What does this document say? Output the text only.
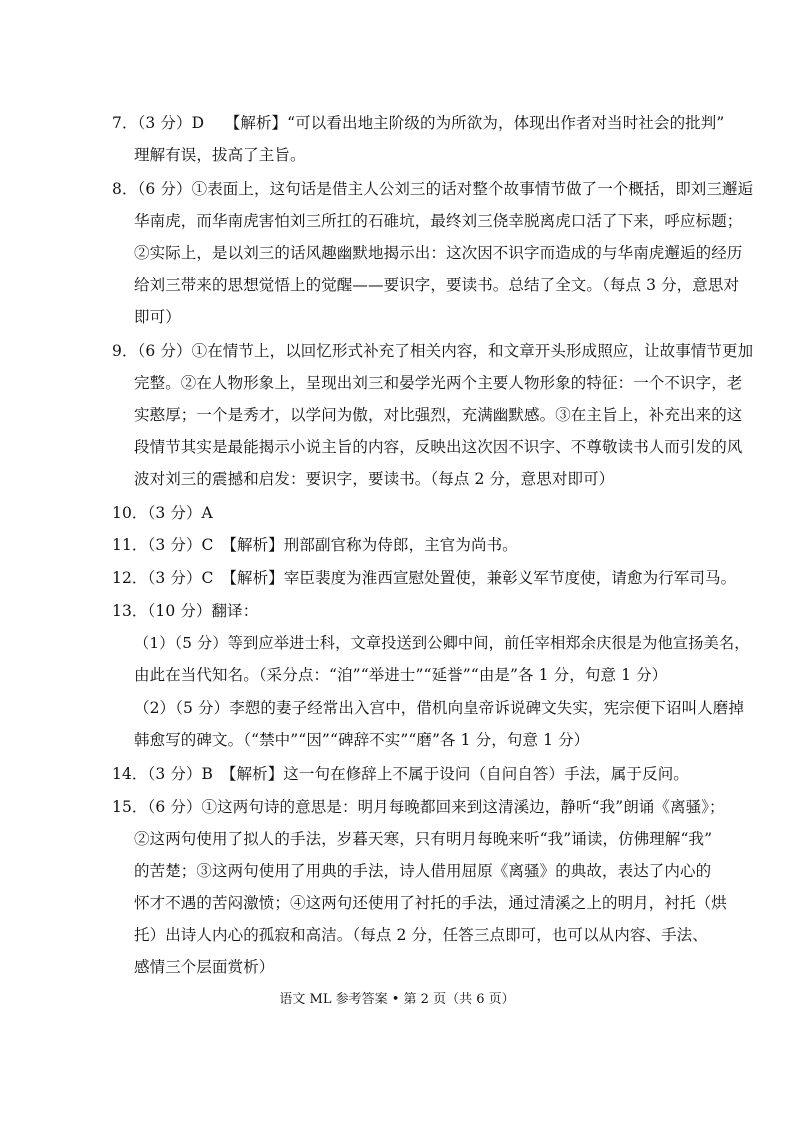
7．（3 分）D　 【解析】“可以看出地主阶级的为所欲为，体现出作者对当时社会的批判”
理解有误，拔高了主旨。
8．（6 分）①表面上，这句话是借主人公刘三的话对整个故事情节做了一个概括，即刘三邂逅
华南虎，而华南虎害怕刘三所扛的石碓坑，最终刘三侥幸脱离虎口活了下来，呼应标题；
②实际上，是以刘三的话风趣幽默地揭示出：这次因不识字而造成的与华南虎邂逅的经历
给刘三带来的思想觉悟上的觉醒——要识字，要读书。总结了全文。（每点 3 分，意思对
即可）
9．（6 分）①在情节上，以回忆形式补充了相关内容，和文章开头形成照应，让故事情节更加
完整。②在人物形象上，呈现出刘三和晏学光两个主要人物形象的特征：一个不识字，老
实憨厚；一个是秀才，以学问为傲，对比强烈，充满幽默感。③在主旨上，补充出来的这
段情节其实是最能揭示小说主旨的内容，反映出这次因不识字、不尊敬读书人而引发的风
波对刘三的震撼和启发：要识字，要读书。（每点 2 分，意思对即可）
10．（3 分）A
11．（3 分）C　【解析】刑部副官称为侍郎，主官为尚书。
12．（3 分）C　【解析】宰臣裴度为淮西宣慰处置使，兼彰义军节度使，请愈为行军司马。
13．（10 分）翻译：
（1）（5 分）等到应举进士科，文章投送到公卿中间，前任宰相郑余庆很是为他宣扬美名，
由此在当代知名。（采分点：“洎”“举进士”“延誉”“由是”各 1 分，句意 1 分）
（2）（5 分）李愬的妻子经常出入宫中，借机向皇帝诉说碑文失实，宪宗便下诏叫人磨掉
韩愈写的碑文。（“禁中”“因”“碑辞不实”“磨”各 1 分，句意 1 分）
14．（3 分）B　【解析】这一句在修辞上不属于设问（自问自答）手法，属于反问。
15．（6 分）①这两句诗的意思是：明月每晚都回来到这清溪边，静听“我”朗诵《离骚》；
②这两句使用了拟人的手法，岁暮天寒，只有明月每晚来听“我”诵读，仿佛理解“我”
的苦楚；③这两句使用了用典的手法，诗人借用屈原《离骚》的典故，表达了内心的
怀才不遇的苦闷激愤；④这两句还使用了衬托的手法，通过清溪之上的明月，衬托（烘
托）出诗人内心的孤寂和高洁。（每点 2 分，任答三点即可，也可以从内容、手法、
感情三个层面赏析）
语文 ML 参考答案 • 第 2 页（共 6 页）
